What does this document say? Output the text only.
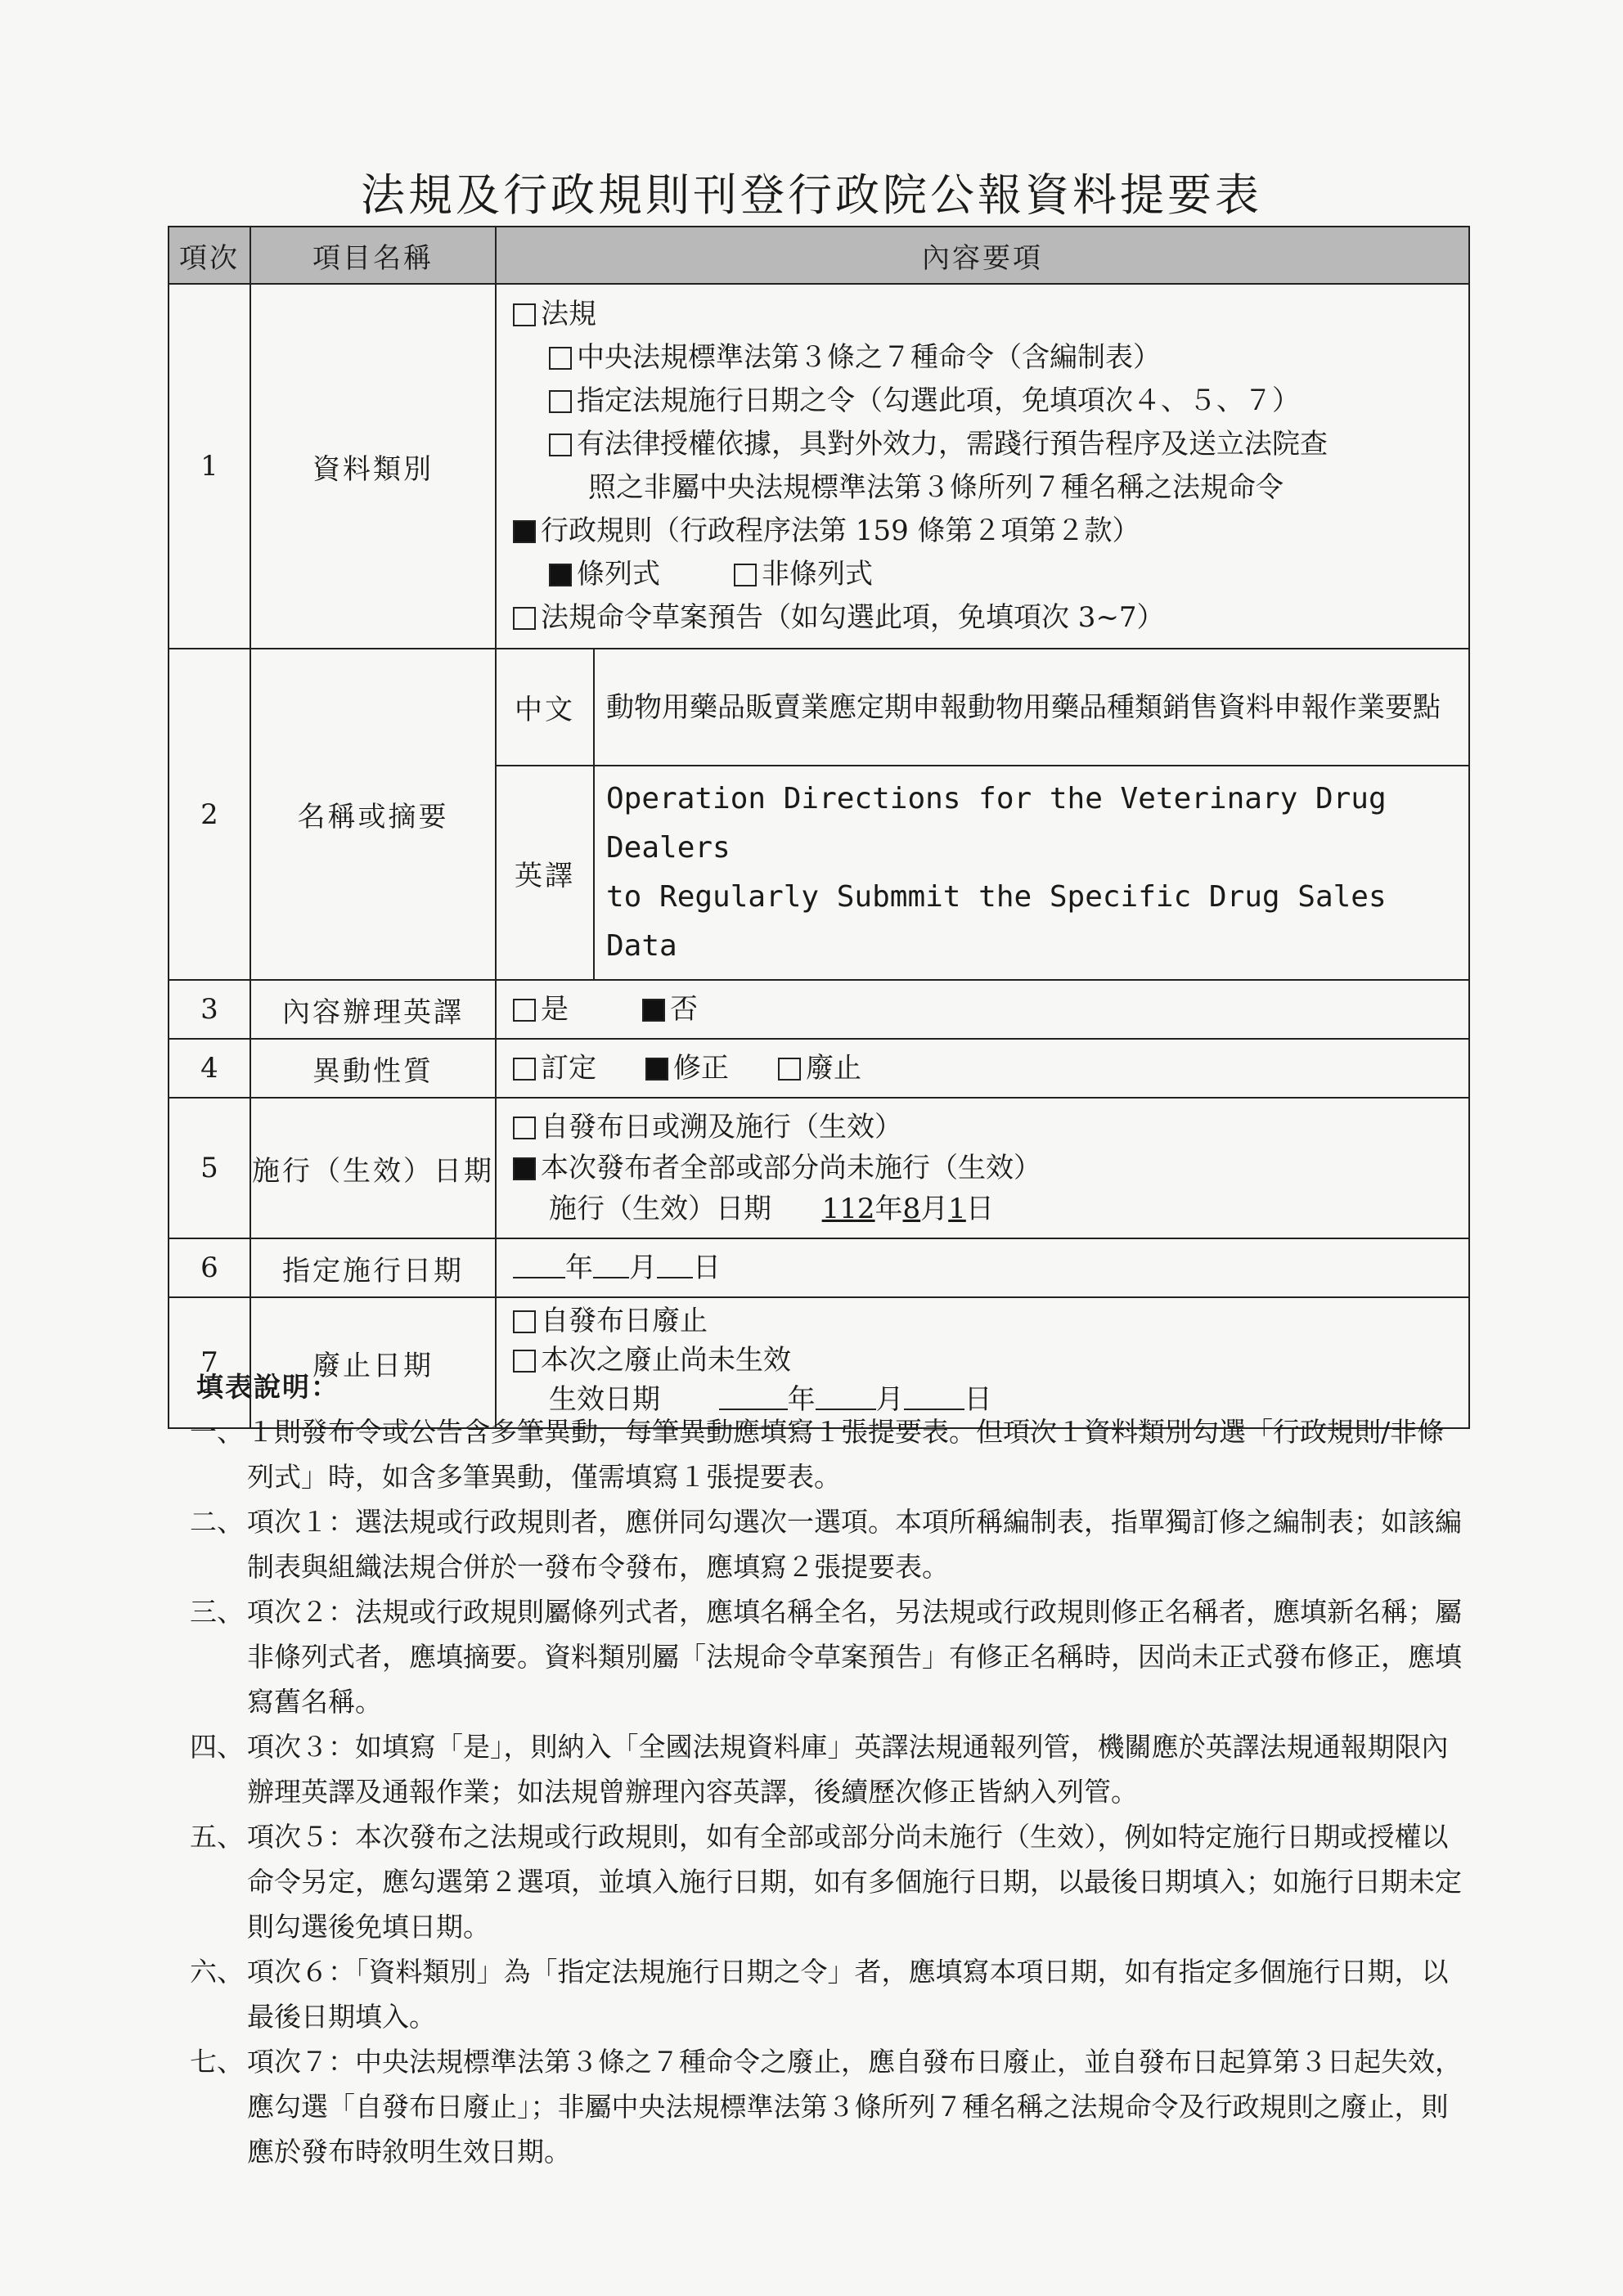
法規及行政規則刊登行政院公報資料提要表
項次	項目名稱	內容要項
1	資料類別	
法規
中央法規標準法第３條之７種命令（含編制表）
指定法規施行日期之令（勾選此項，免填項次４、５、７）
有法律授權依據，具對外效力，需踐行預告程序及送立法院查
照之非屬中央法規標準法第３條所列７種名稱之法規命令
行政規則（行政程序法第 159 條第２項第２款）
條列式	非條列式
法規命令草案預告（如勾選此項，免填項次 3~7）

2	名稱或摘要	
中文	動物用藥品販賣業應定期申報動物用藥品種類銷售資料申報作業要點
英譯	
Operation Directions for the Veterinary Drug Dealers
to Regularly Submmit the Specific Drug Sales Data

3	內容辦理英譯	是	否
4	異動性質	訂定	修正	廢止
5	施行（生效）日期	
自發布日或溯及施行（生效）
本次發布者全部或部分尚未施行（生效）
施行（生效）日期 112年8月1日

6	指定施行日期	年 月 日
7	廢止日期	
自發布日廢止
本次之廢止尚未生效
生效日期	年 月 日
填表說明：
一、 １則發布令或公告含多筆異動，每筆異動應填寫１張提要表。但項次１資料類別勾選「行政規則/非條列式」時，如含多筆異動，僅需填寫１張提要表。
二、 項次１：選法規或行政規則者，應併同勾選次一選項。本項所稱編制表，指單獨訂修之編制表；如該編制表與組織法規合併於一發布令發布，應填寫２張提要表。
三、 項次２：法規或行政規則屬條列式者，應填名稱全名，另法規或行政規則修正名稱者，應填新名稱；屬非條列式者，應填摘要。資料類別屬「法規命令草案預告」有修正名稱時，因尚未正式發布修正，應填寫舊名稱。
四、 項次３：如填寫「是」，則納入「全國法規資料庫」英譯法規通報列管，機關應於英譯法規通報期限內辦理英譯及通報作業；如法規曾辦理內容英譯，後續歷次修正皆納入列管。
五、 項次５：本次發布之法規或行政規則，如有全部或部分尚未施行（生效），例如特定施行日期或授權以命令另定，應勾選第２選項，並填入施行日期，如有多個施行日期，以最後日期填入；如施行日期未定則勾選後免填日期。
六、 項次６：「資料類別」為「指定法規施行日期之令」者，應填寫本項日期，如有指定多個施行日期，以最後日期填入。
七、 項次７：中央法規標準法第３條之７種命令之廢止，應自發布日廢止，並自發布日起算第３日起失效，應勾選「自發布日廢止」；非屬中央法規標準法第３條所列７種名稱之法規命令及行政規則之廢止，則應於發布時敘明生效日期。
